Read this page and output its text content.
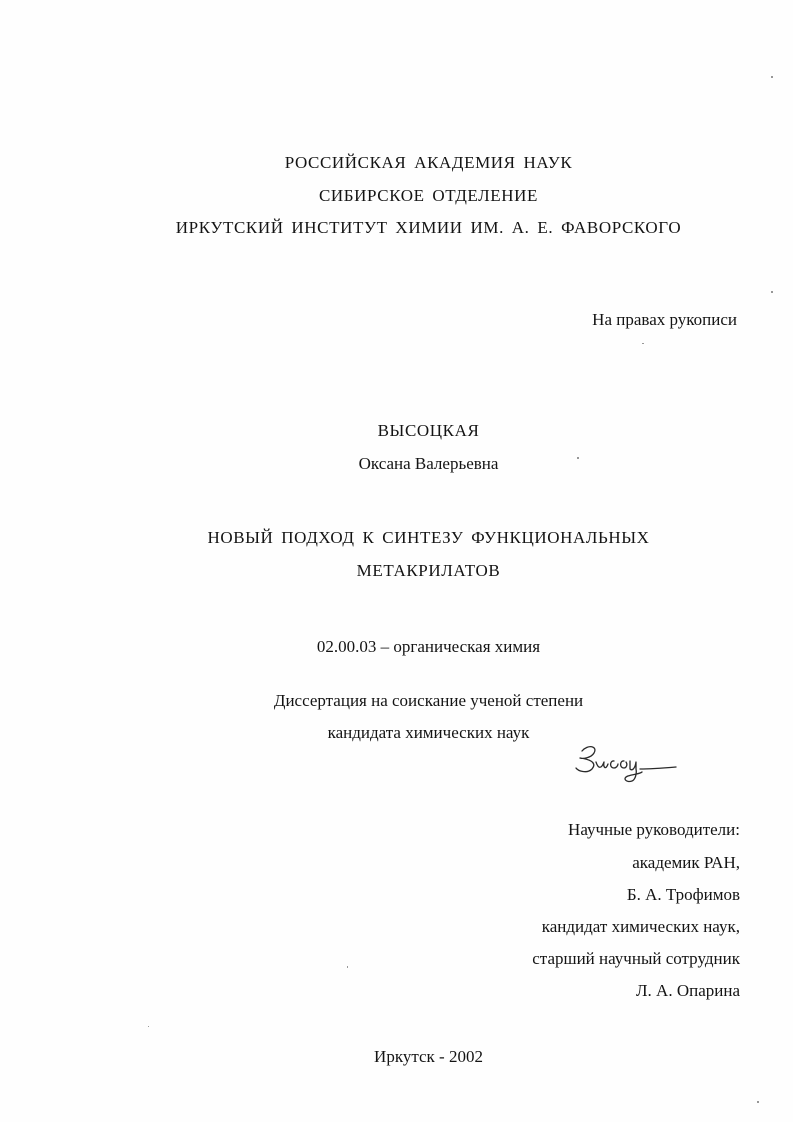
РОССИЙСКАЯ АКАДЕМИЯ НАУК
СИБИРСКОЕ ОТДЕЛЕНИЕ
ИРКУТСКИЙ ИНСТИТУТ ХИМИИ ИМ. А. Е. ФАВОРСКОГО
На правах рукописи
ВЫСОЦКАЯ
Оксана Валерьевна
НОВЫЙ ПОДХОД К СИНТЕЗУ ФУНКЦИОНАЛЬНЫХ
МЕТАКРИЛАТОВ
02.00.03 – органическая химия
Диссертация на соискание ученой степени
кандидата химических наук
Научные руководители:
академик РАН,
Б. А. Трофимов
кандидат химических наук,
старший научный сотрудник
Л. А. Опарина
Иркутск - 2002
